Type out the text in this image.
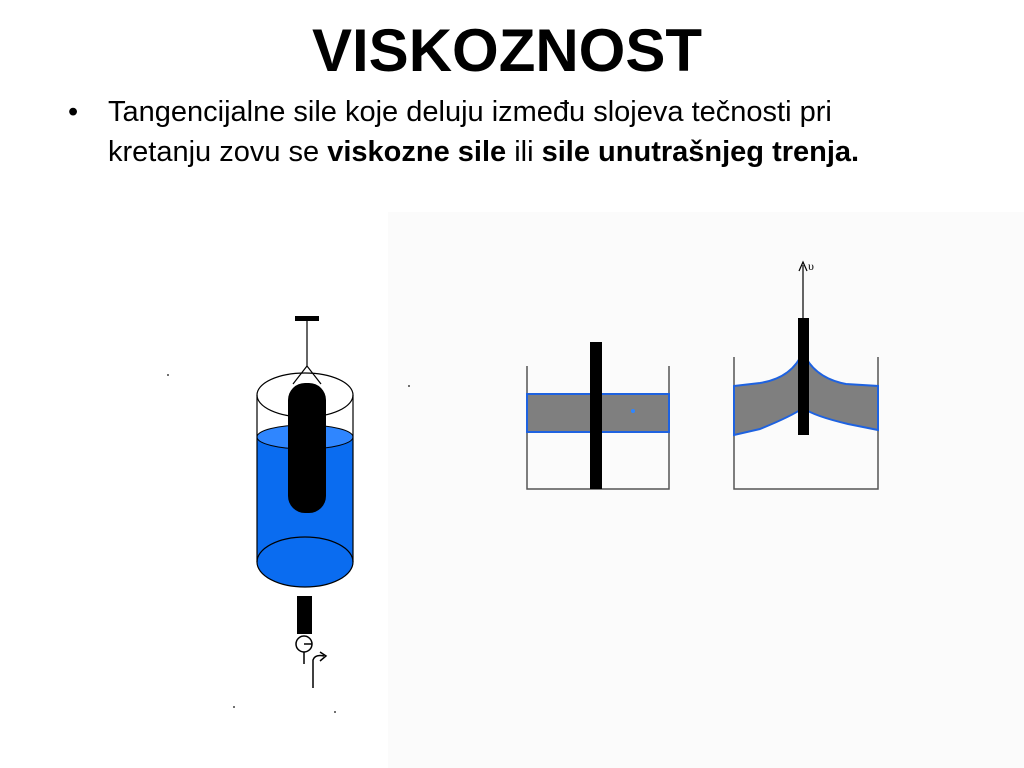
VISKOZNOST
• Tangencijalne sile koje deluju između slojeva tečnosti pri kretanju zovu se viskozne sile ili sile unutrašnjeg trenja.
υ
